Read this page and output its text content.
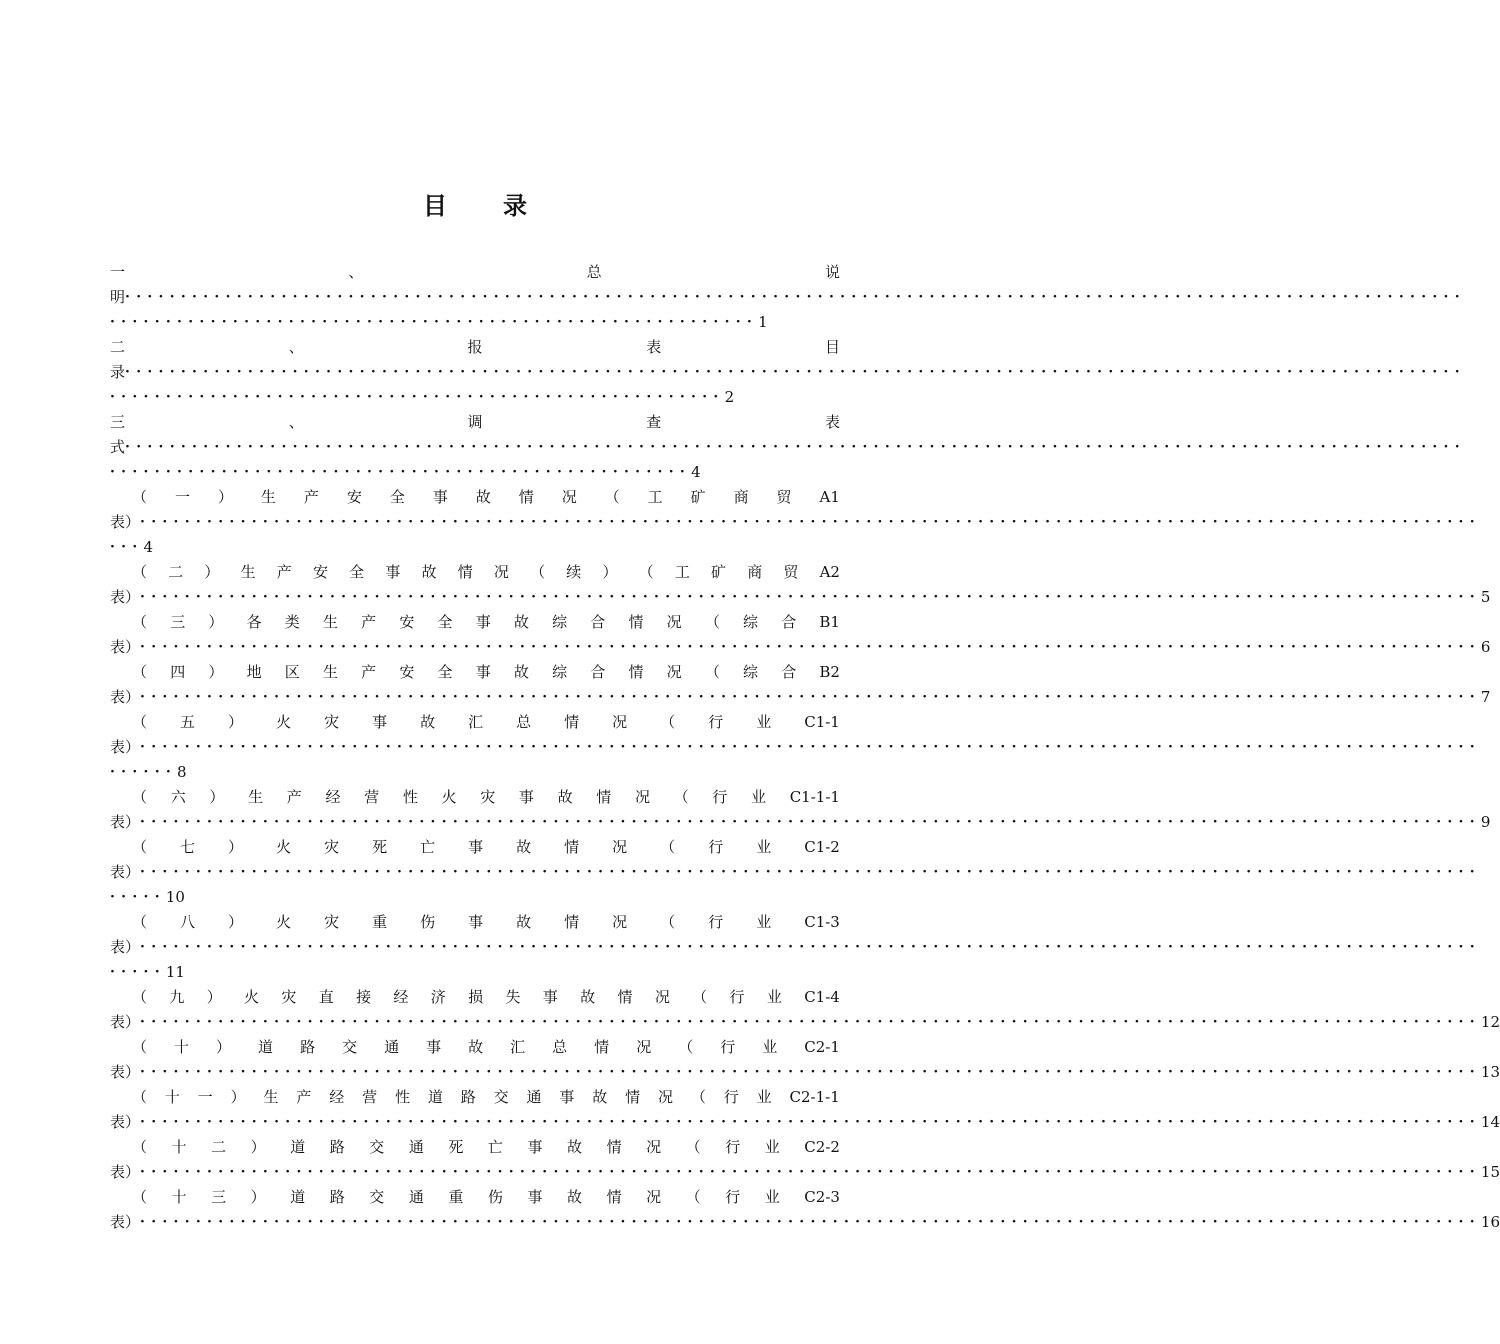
目 录
一	、	总	说
明 ························································································································
·························································· 1
二	、	报	表	目
录 ························································································································
······················································· 2
三	、	调	查	表
式 ························································································································
···················································· 4
（ 一 ） 生 产 安 全 事 故 情 况 （ 工 矿 商 贸 A1
表） ························································································································
··· 4
（ 二 ） 生 产 安 全 事 故 情 况 （ 续 ） （ 工 矿 商 贸 A2
表） ························································································································ 5
（ 三 ） 各 类 生 产 安 全 事 故 综 合 情 况 （ 综 合 B1
表） ························································································································ 6
（ 四 ） 地 区 生 产 安 全 事 故 综 合 情 况 （ 综 合 B2
表） ························································································································ 7
（ 五 ） 火 灾 事 故 汇 总 情 况 （ 行 业 C1-1
表） ························································································································
······ 8
（ 六 ） 生 产 经 营 性 火 灾 事 故 情 况 （ 行 业 C1-1-1
表） ························································································································ 9
（ 七 ） 火 灾 死 亡 事 故 情 况 （ 行 业 C1-2
表） ························································································································
····· 10
（ 八 ） 火 灾 重 伤 事 故 情 况 （ 行 业 C1-3
表） ························································································································
····· 11
（ 九 ） 火 灾 直 接 经 济 损 失 事 故 情 况 （ 行 业 C1-4
表） ························································································································ 12
（ 十 ） 道 路 交 通 事 故 汇 总 情 况 （ 行 业 C2-1
表） ························································································································ 13
（ 十 一 ） 生 产 经 营 性 道 路 交 通 事 故 情 况 （ 行 业 C2-1-1
表） ························································································································ 14
（ 十 二 ） 道 路 交 通 死 亡 事 故 情 况 （ 行 业 C2-2
表） ························································································································ 15
（ 十 三 ） 道 路 交 通 重 伤 事 故 情 况 （ 行 业 C2-3
表） ························································································································ 16
